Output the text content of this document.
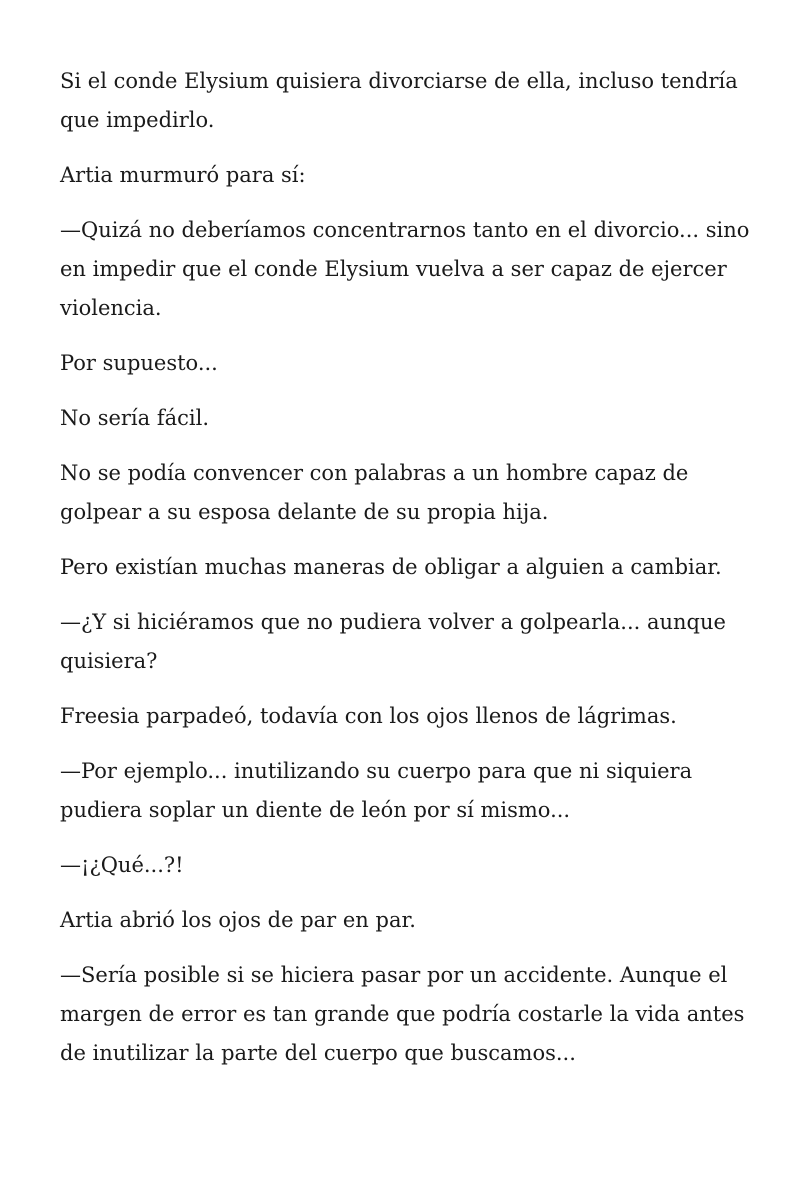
Si el conde Elysium quisiera divorciarse de ella, incluso tendría que impedirlo.

Artia murmuró para sí:

—Quizá no deberíamos concentrarnos tanto en el divorcio... sino en impedir que el conde Elysium vuelva a ser capaz de ejercer violencia.

Por supuesto...

No sería fácil.

No se podía convencer con palabras a un hombre capaz de golpear a su esposa delante de su propia hija.

Pero existían muchas maneras de obligar a alguien a cambiar.

—¿Y si hiciéramos que no pudiera volver a golpearla... aunque quisiera?

Freesia parpadeó, todavía con los ojos llenos de lágrimas.

—Por ejemplo... inutilizando su cuerpo para que ni siquiera pudiera soplar un diente de león por sí mismo...

—¡¿Qué...?!

Artia abrió los ojos de par en par.

—Sería posible si se hiciera pasar por un accidente. Aunque el margen de error es tan grande que podría costarle la vida antes de inutilizar la parte del cuerpo que buscamos...
